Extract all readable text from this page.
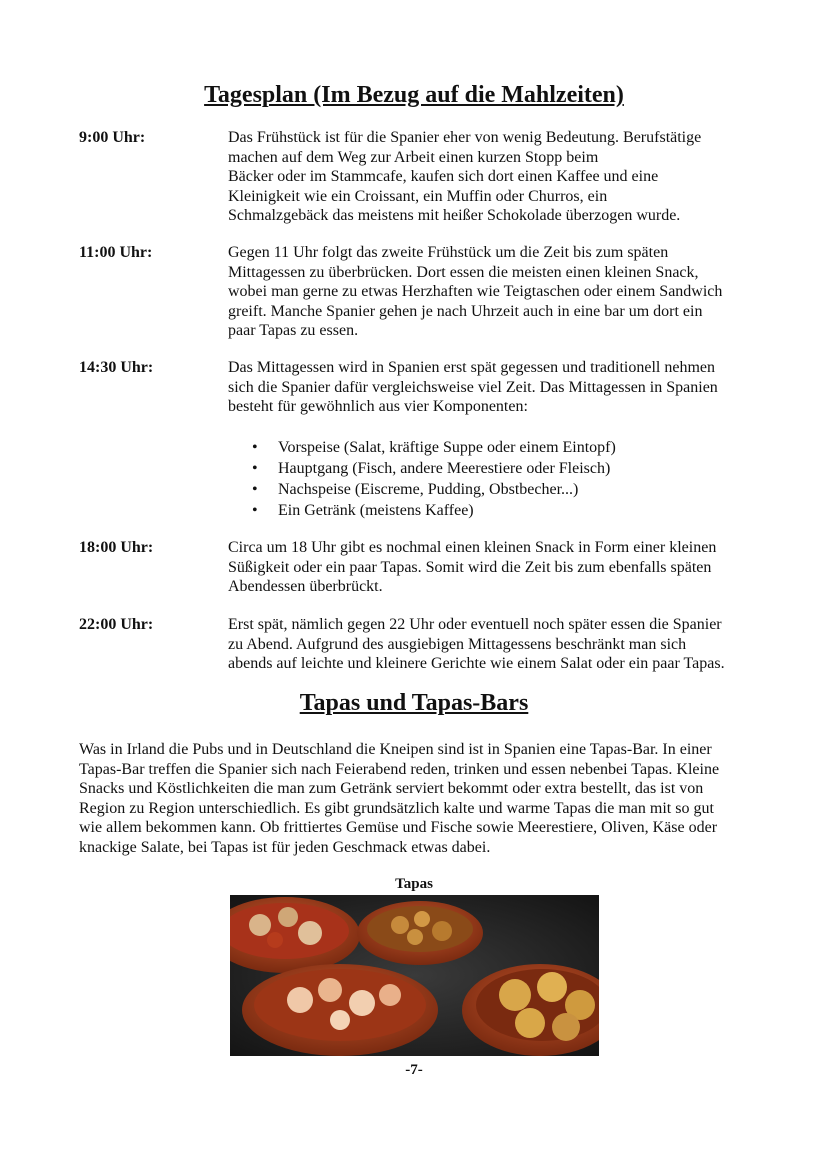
Tagesplan (Im Bezug auf die Mahlzeiten)
9:00 Uhr:	Das Frühstück ist für die Spanier eher von wenig Bedeutung. Berufstätige
machen auf dem Weg zur Arbeit einen kurzen Stopp beim
Bäcker oder im Stammcafe, kaufen sich dort einen Kaffee und eine
Kleinigkeit wie ein Croissant, ein Muffin oder Churros, ein
Schmalzgebäck das meistens mit heißer Schokolade überzogen wurde.
11:00 Uhr:	Gegen 11 Uhr folgt das zweite Frühstück um die Zeit bis zum späten
Mittagessen zu überbrücken. Dort essen die meisten einen kleinen Snack,
wobei man gerne zu etwas Herzhaften wie Teigtaschen oder einem Sandwich
greift. Manche Spanier gehen je nach Uhrzeit auch in eine bar um dort ein
paar Tapas zu essen.
14:30 Uhr:	Das Mittagessen wird in Spanien erst spät gegessen und traditionell nehmen
sich die Spanier dafür vergleichsweise viel Zeit. Das Mittagessen in Spanien
besteht für gewöhnlich aus vier Komponenten:
• Vorspeise (Salat, kräftige Suppe oder einem Eintopf)
• Hauptgang (Fisch, andere Meerestiere oder Fleisch)
• Nachspeise (Eiscreme, Pudding, Obstbecher...)
• Ein Getränk (meistens Kaffee)
18:00 Uhr:	Circa um 18 Uhr gibt es nochmal einen kleinen Snack in Form einer kleinen
Süßigkeit oder ein paar Tapas. Somit wird die Zeit bis zum ebenfalls späten
Abendessen überbrückt.
22:00 Uhr:	Erst spät, nämlich gegen 22 Uhr oder eventuell noch später essen die Spanier
zu Abend. Aufgrund des ausgiebigen Mittagessens beschränkt man sich
abends auf leichte und kleinere Gerichte wie einem Salat oder ein paar Tapas.
Tapas und Tapas-Bars
Was in Irland die Pubs und in Deutschland die Kneipen sind ist in Spanien eine Tapas-Bar. In einer
Tapas-Bar treffen die Spanier sich nach Feierabend reden, trinken und essen nebenbei Tapas. Kleine
Snacks und Köstlichkeiten die man zum Getränk serviert bekommt oder extra bestellt, das ist von
Region zu Region unterschiedlich. Es gibt grundsätzlich kalte und warme Tapas die man mit so gut
wie allem bekommen kann. Ob frittiertes Gemüse und Fische sowie Meerestiere, Oliven, Käse oder
knackige Salate, bei Tapas ist für jeden Geschmack etwas dabei.
Tapas
-7-
